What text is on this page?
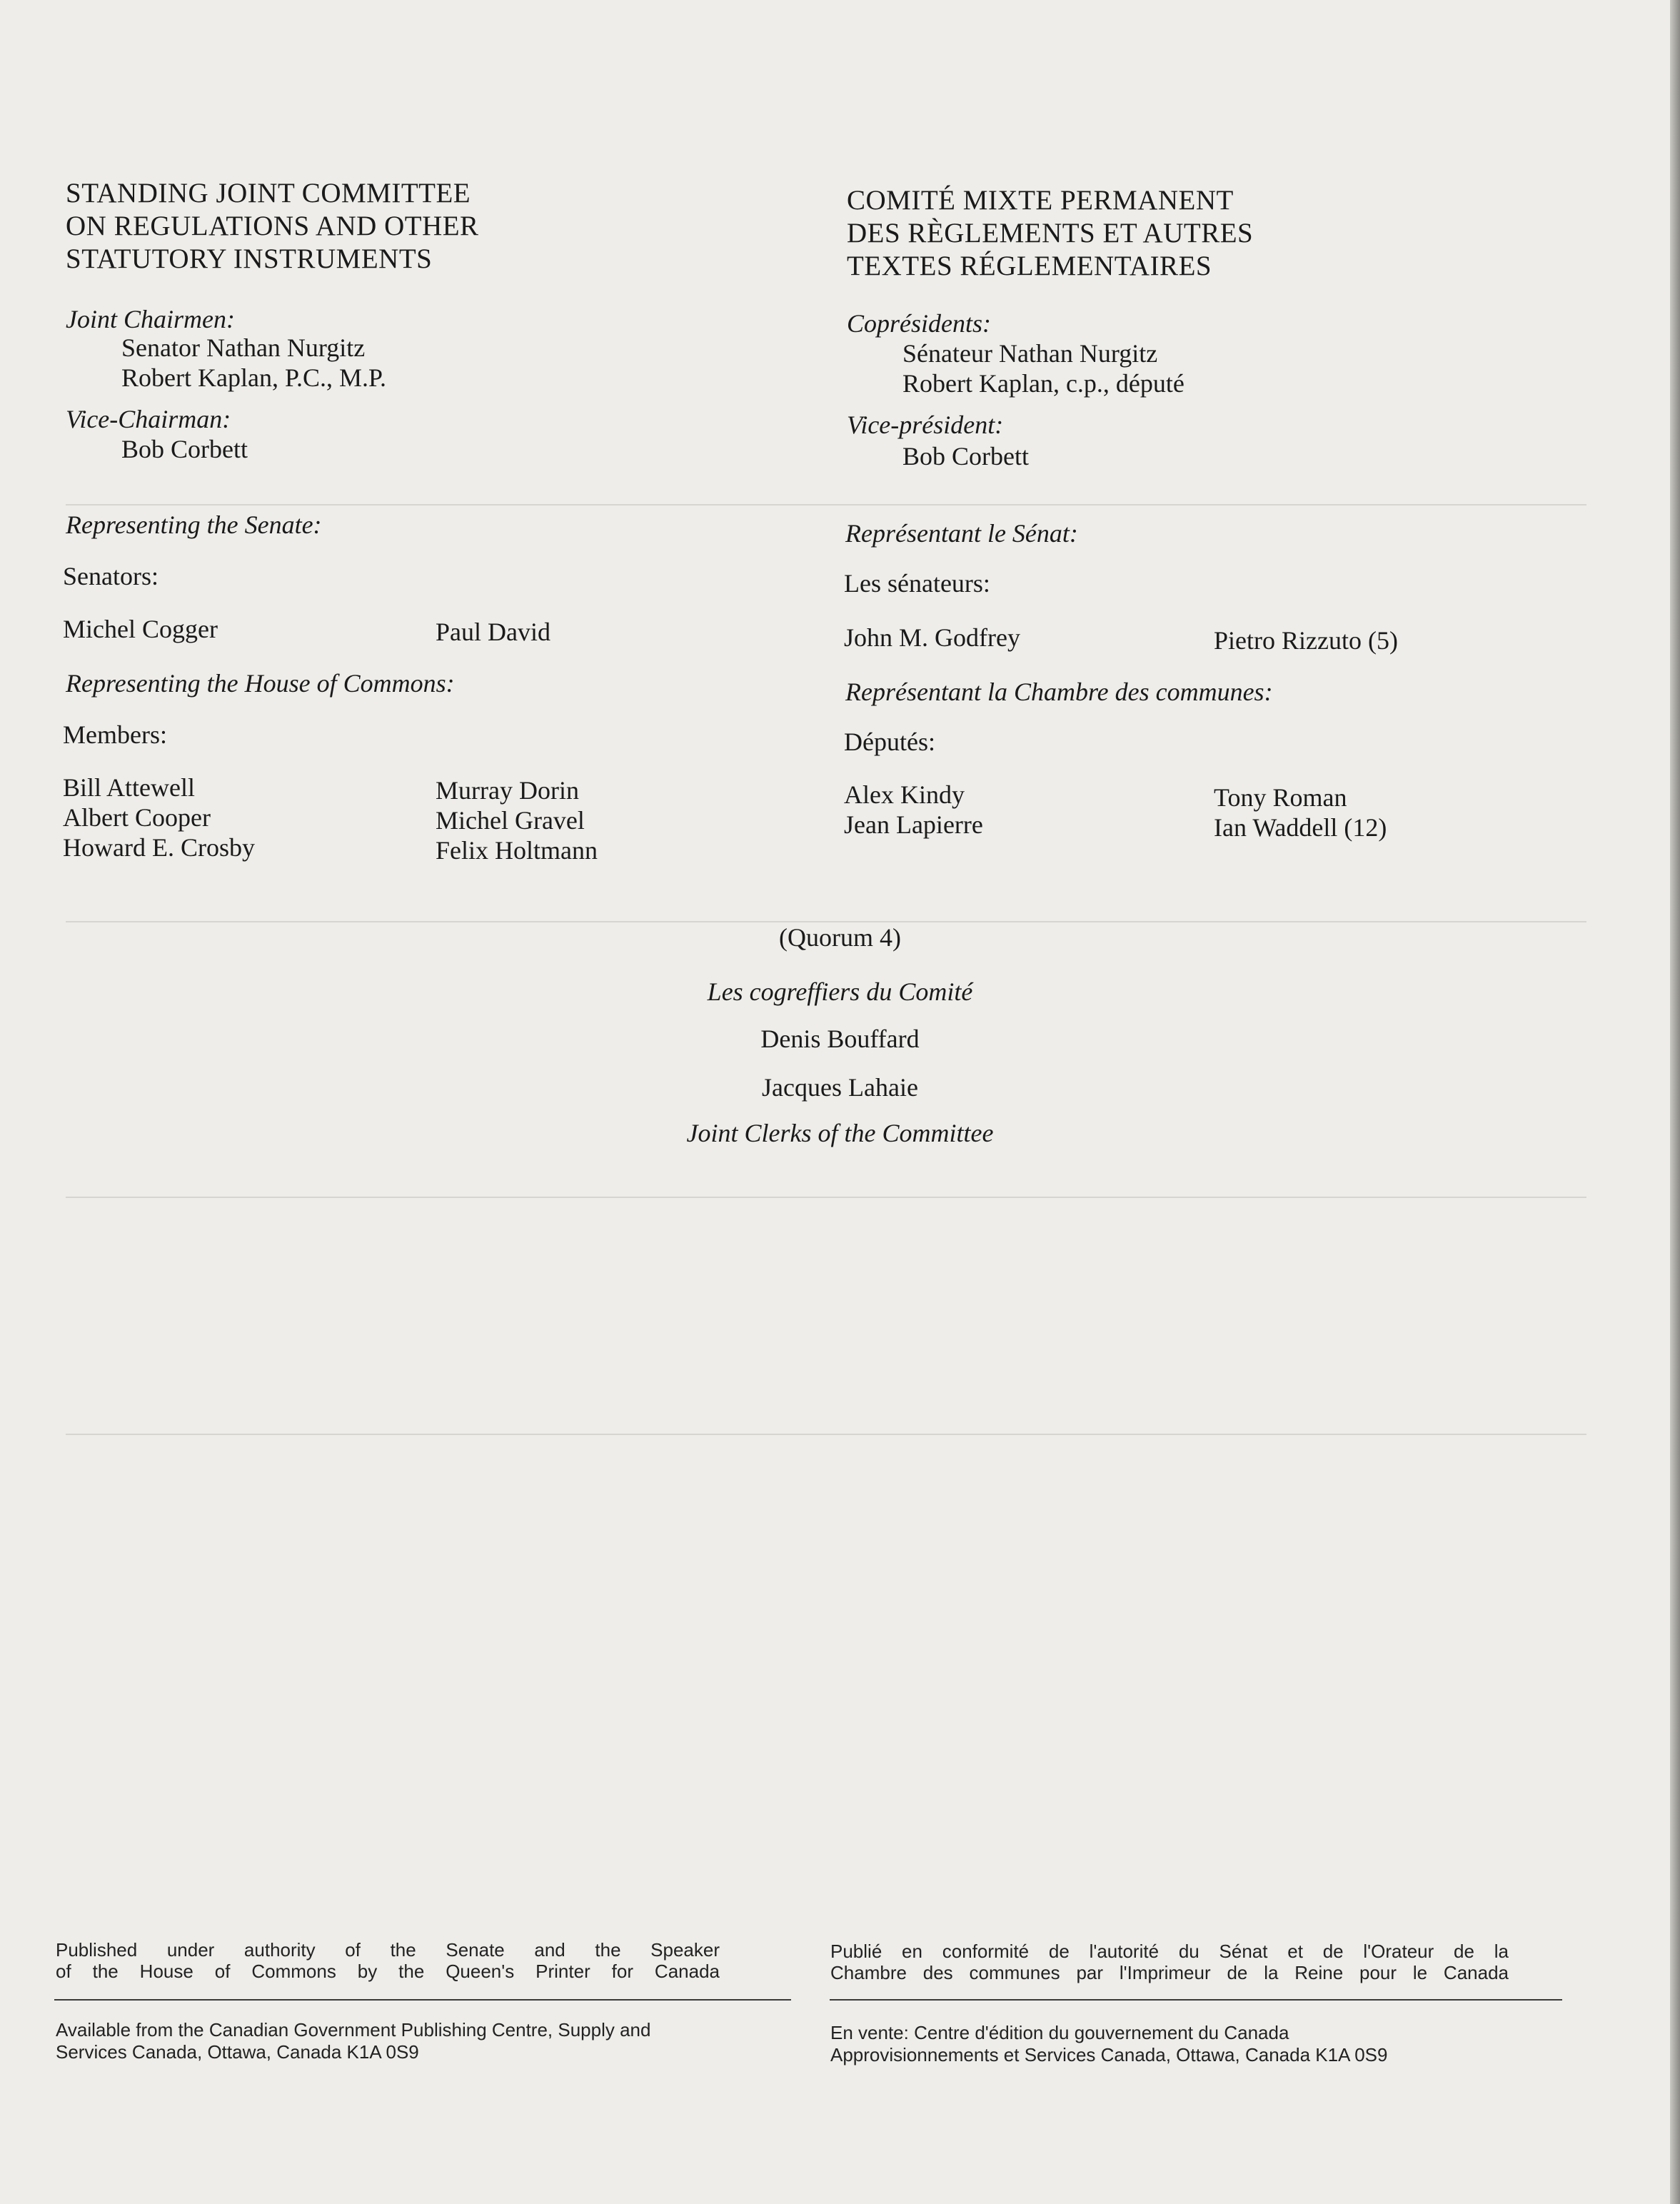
STANDING JOINT COMMITTEE
ON REGULATIONS AND OTHER
STATUTORY INSTRUMENTS
COMITÉ MIXTE PERMANENT
DES RÈGLEMENTS ET AUTRES
TEXTES RÉGLEMENTAIRES
Joint Chairmen:
Senator Nathan Nurgitz
Robert Kaplan, P.C., M.P.
Vice-Chairman:
Bob Corbett
Coprésidents:
Sénateur Nathan Nurgitz
Robert Kaplan, c.p., député
Vice-président:
Bob Corbett
Representing the Senate:
Senators:
Michel Cogger	Paul David
Représentant le Sénat:
Les sénateurs:
John M. Godfrey	Pietro Rizzuto (5)
Representing the House of Commons:
Members:
Bill Attewell
Albert Cooper
Howard E. Crosby
Murray Dorin
Michel Gravel
Felix Holtmann
Représentant la Chambre des communes:
Députés:
Alex Kindy
Jean Lapierre
Tony Roman
Ian Waddell (12)
(Quorum 4)
Les cogreffiers du Comité
Denis Bouffard
Jacques Lahaie
Joint Clerks of the Committee
Published under authority of the Senate and the Speaker
of the House of Commons by the Queen's Printer for Canada
Publié en conformité de l'autorité du Sénat et de l'Orateur de la
Chambre des communes par l'Imprimeur de la Reine pour le Canada
Available from the Canadian Government Publishing Centre, Supply and
Services Canada, Ottawa, Canada K1A 0S9
En vente: Centre d'édition du gouvernement du Canada
Approvisionnements et Services Canada, Ottawa, Canada K1A 0S9
